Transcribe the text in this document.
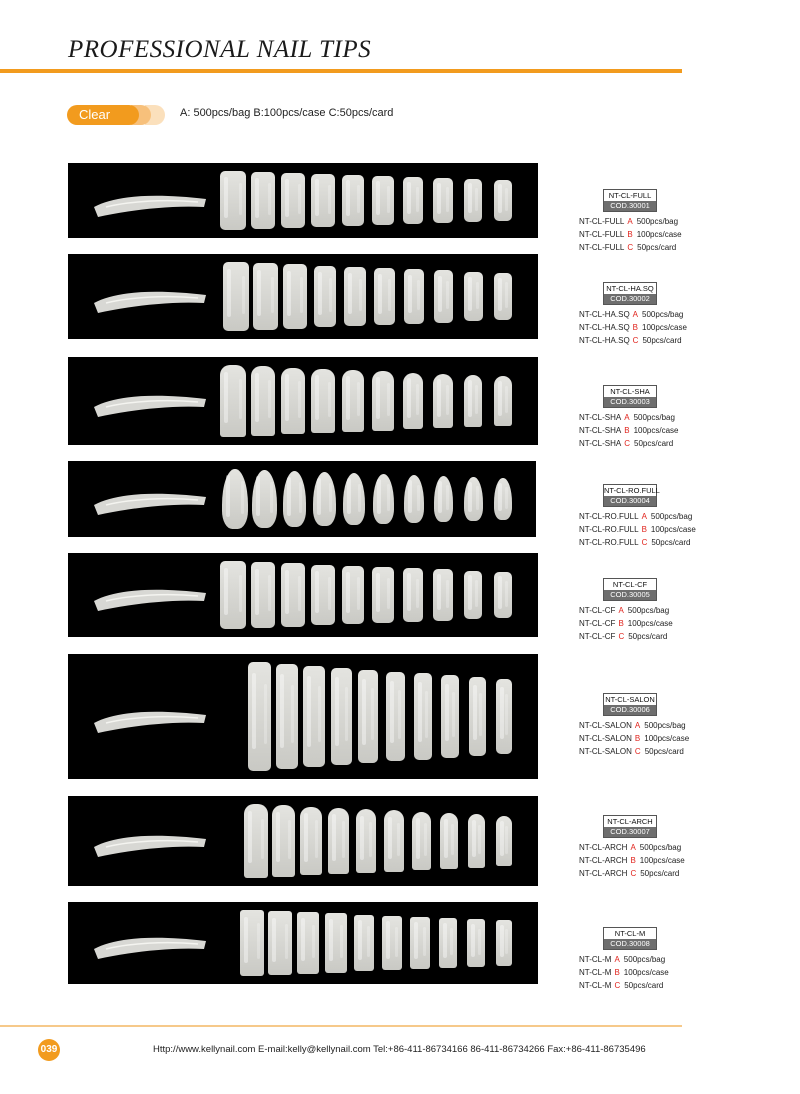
PROFESSIONAL NAIL TIPS
Clear	A: 500pcs/bag B:100pcs/case C:50pcs/card
NT-CL-FULL
COD.30001
NT-CL-FULL A 500pcs/bag
NT-CL-FULL B 100pcs/case
NT-CL-FULL C 50pcs/card
NT-CL-HA.SQ
COD.30002
NT-CL-HA.SQ A 500pcs/bag
NT-CL-HA.SQ B 100pcs/case
NT-CL-HA.SQ C 50pcs/card
NT-CL-SHA
COD.30003
NT-CL-SHA A 500pcs/bag
NT-CL-SHA B 100pcs/case
NT-CL-SHA C 50pcs/card
NT-CL-RO.FULL
COD.30004
NT-CL-RO.FULL A 500pcs/bag
NT-CL-RO.FULL B 100pcs/case
NT-CL-RO.FULL C 50pcs/card
NT-CL-CF
COD.30005
NT-CL-CF A 500pcs/bag
NT-CL-CF B 100pcs/case
NT-CL-CF C 50pcs/card
NT-CL-SALON
COD.30006
NT-CL-SALON A 500pcs/bag
NT-CL-SALON B 100pcs/case
NT-CL-SALON C 50pcs/card
NT-CL-ARCH
COD.30007
NT-CL-ARCH A 500pcs/bag
NT-CL-ARCH B 100pcs/case
NT-CL-ARCH C 50pcs/card
NT-CL-M
COD.30008
NT-CL-M A 500pcs/bag
NT-CL-M B 100pcs/case
NT-CL-M C 50pcs/card
039	Http://www.kellynail.com E-mail:kelly@kellynail.com Tel:+86-411-86734166 86-411-86734266 Fax:+86-411-86735496
